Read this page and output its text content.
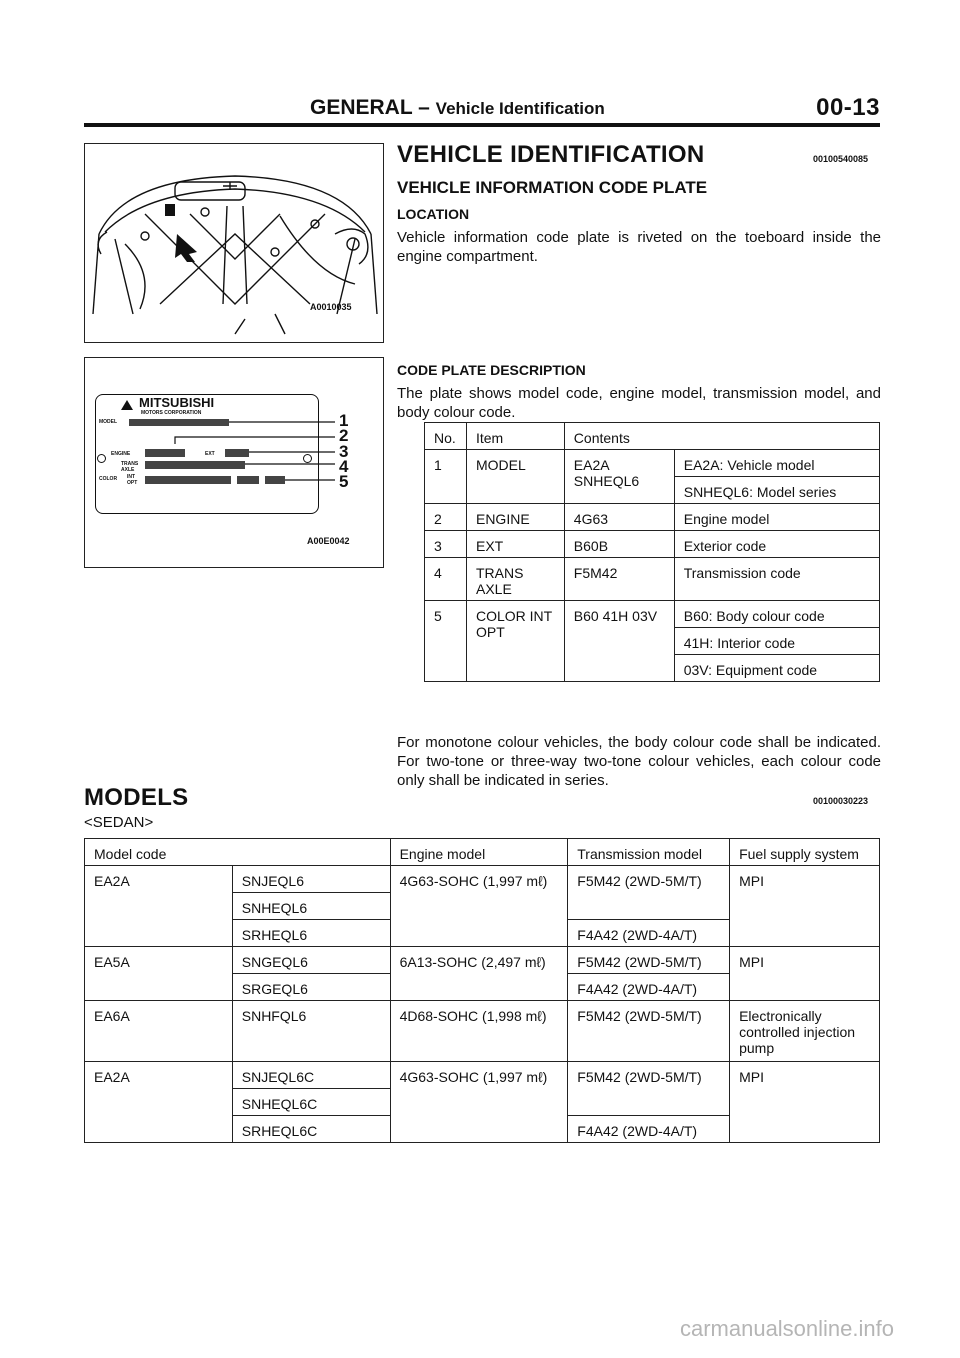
GENERAL – Vehicle Identification	00-13
A0010035
MITSUBISHI
MOTORS CORPORATION
MODEL
ENGINE	EXT
TRANS
AXLE
COLOR INT
OPT
1
2
3
4
5
A00E0042
VEHICLE IDENTIFICATION	00100540085
VEHICLE INFORMATION CODE PLATE
LOCATION
Vehicle information code plate is riveted on the toeboard inside the engine compartment.
CODE PLATE DESCRIPTION
The plate shows model code, engine model, transmission model, and body colour code.
No.	Item	Contents	
1	MODEL	EA2A SNHEQL6	EA2A: Vehicle model
			SNHEQL6: Model series
2	ENGINE	4G63	Engine model
3	EXT	B60B	Exterior code
4	TRANS AXLE	F5M42	Transmission code
5	COLOR INT OPT	B60 41H 03V	B60: Body colour code
			41H: Interior code
			03V: Equipment code
For monotone colour vehicles, the body colour code shall be indicated. For two-tone or three-way two-tone colour vehicles, each colour code only shall be indicated in series.
MODELS	00100030223
<SEDAN>
Model code		Engine model	Transmission model	Fuel supply system
EA2A	SNJEQL6	4G63-SOHC (1,997 mℓ)	F5M42 (2WD-5M/T)	MPI
	SNHEQL6			
	SRHEQL6		F4A42 (2WD-4A/T)	
EA5A	SNGEQL6	6A13-SOHC (2,497 mℓ)	F5M42 (2WD-5M/T)	MPI
	SRGEQL6		F4A42 (2WD-4A/T)	
EA6A	SNHFQL6	4D68-SOHC (1,998 mℓ)	F5M42 (2WD-5M/T)	Electronically controlled injection pump
EA2A	SNJEQL6C	4G63-SOHC (1,997 mℓ)	F5M42 (2WD-5M/T)	MPI
	SNHEQL6C			
	SRHEQL6C		F4A42 (2WD-4A/T)	
carmanualsonline.info
